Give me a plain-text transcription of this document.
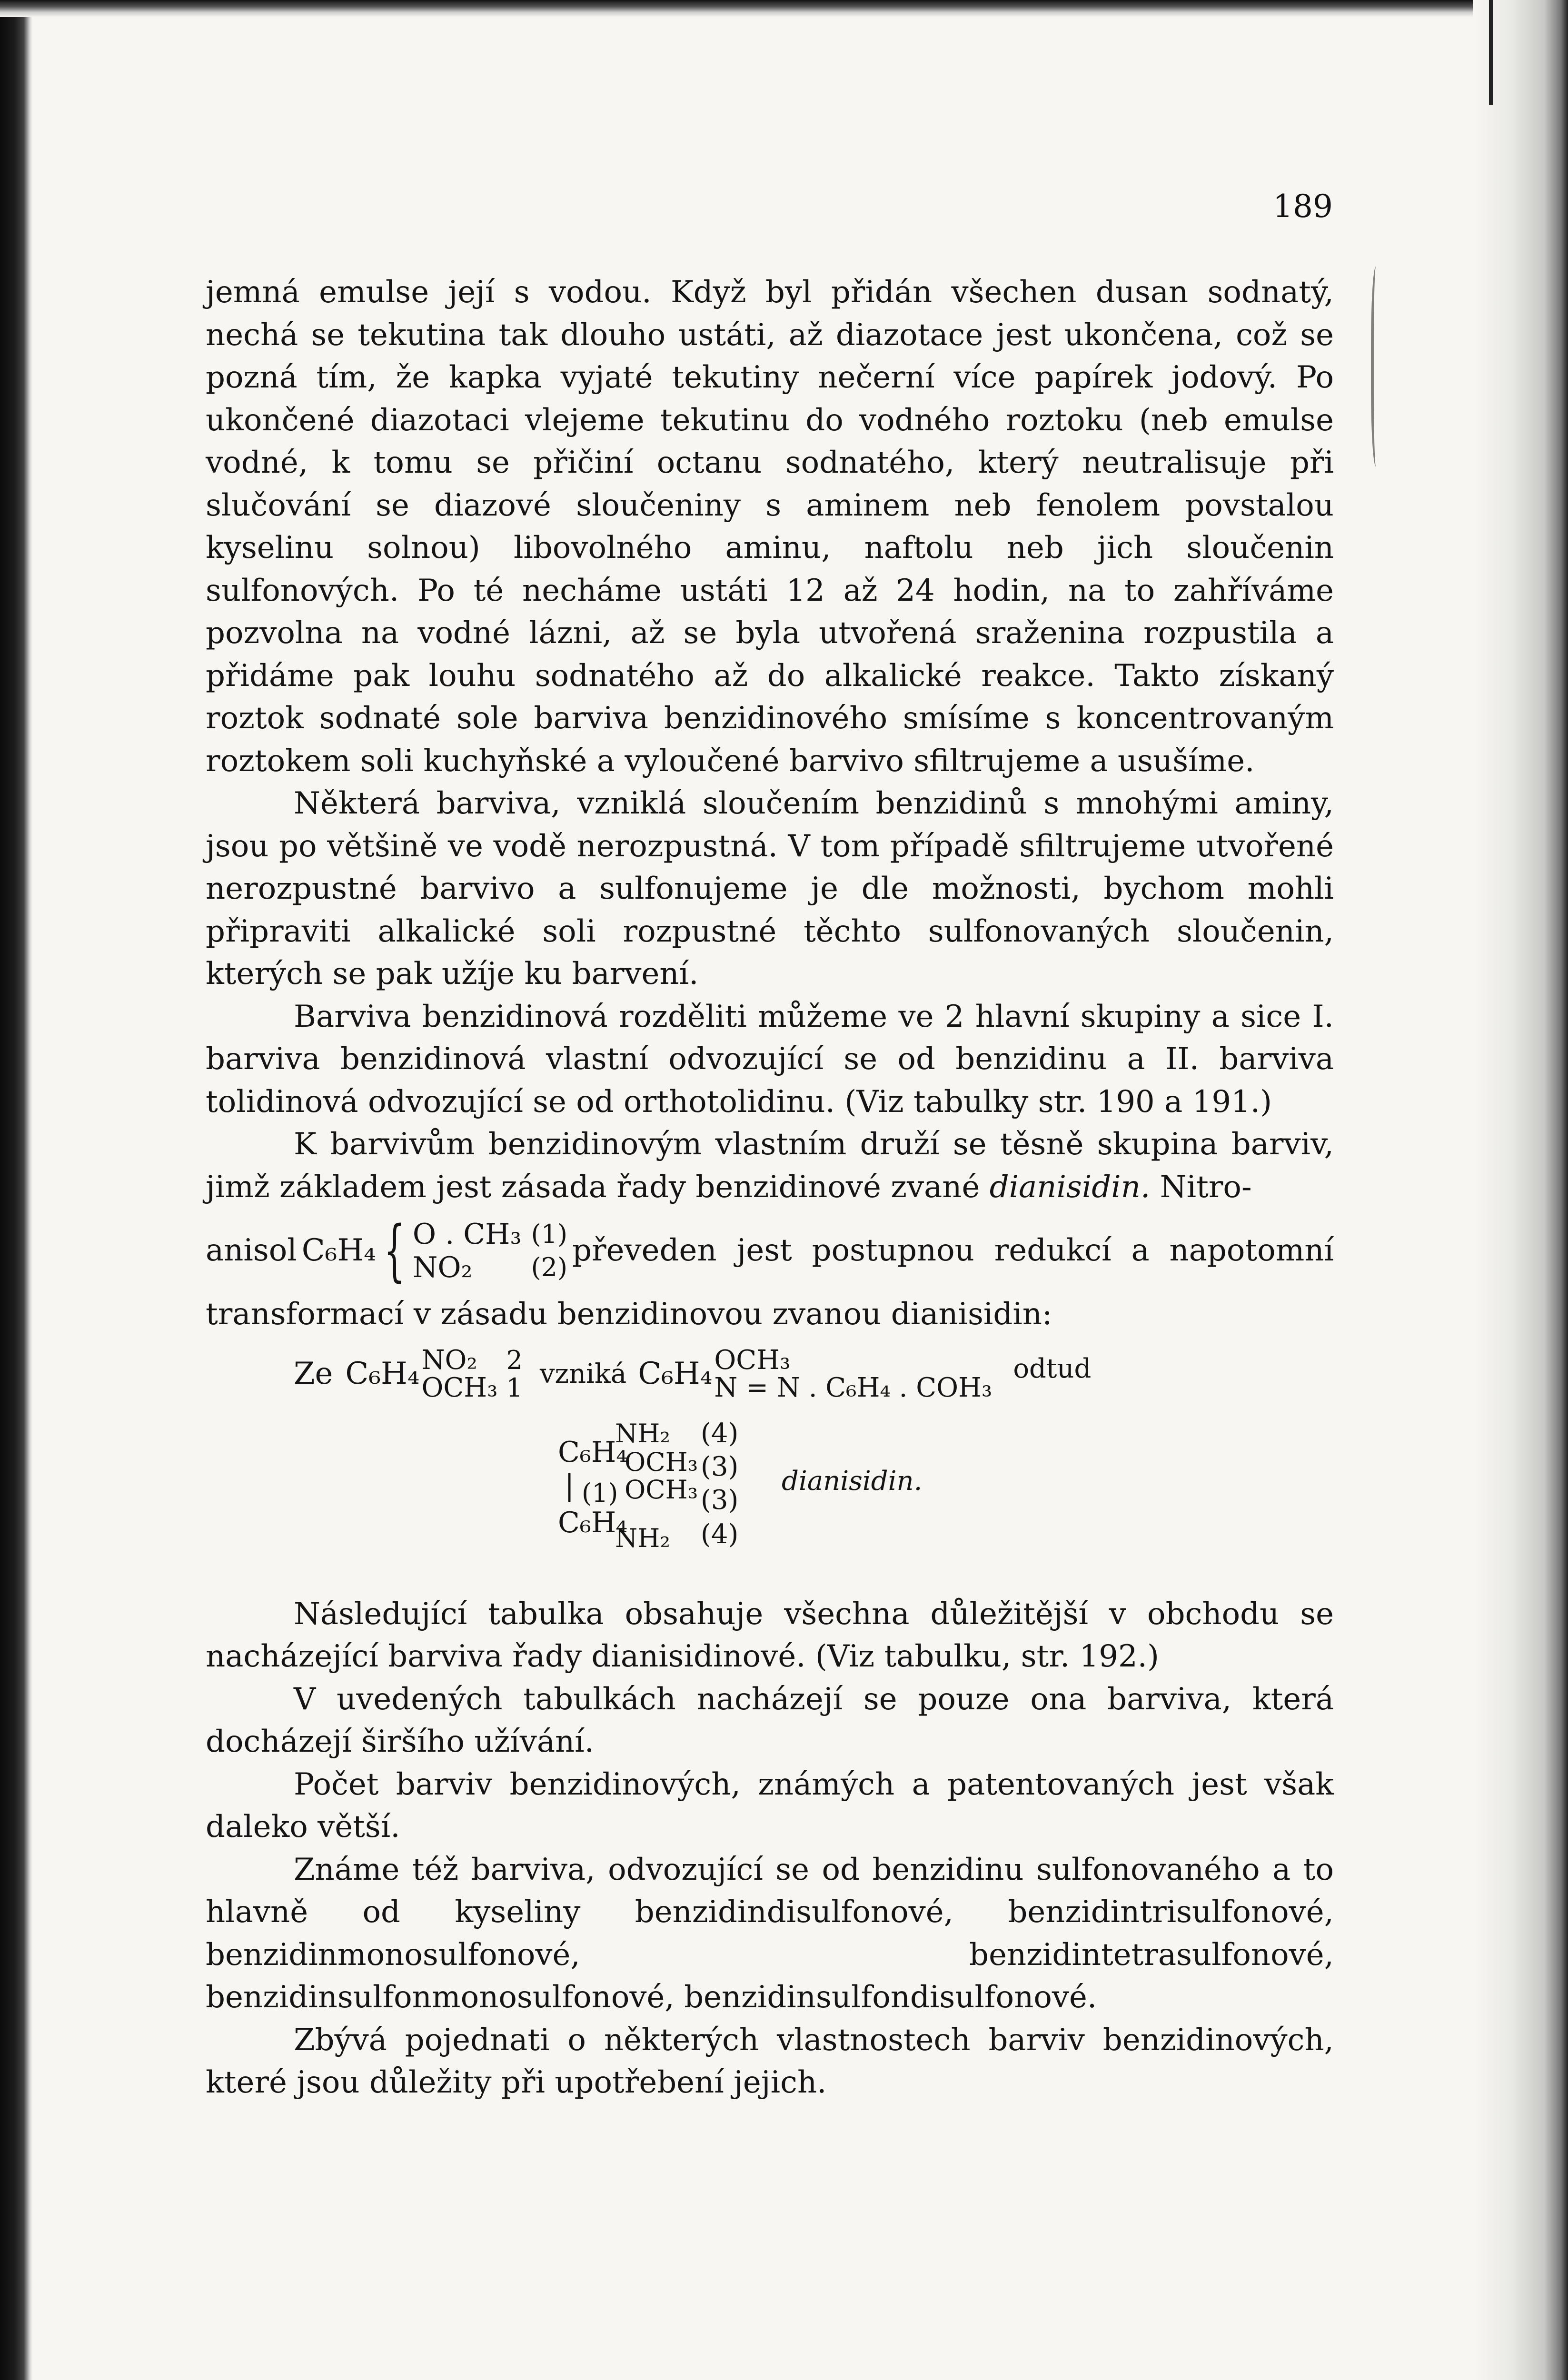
189

jemná emulse její s vodou. Když byl přidán všechen dusan sodnatý, nechá se tekutina tak dlouho ustáti, až diazotace jest ukončena, což se pozná tím, že kapka vyjaté tekutiny nečerní více papírek jodový. Po ukončené diazotaci vlejeme tekutinu do vodného roztoku (neb emulse vodné, k tomu se přičiní octanu sodnatého, který neutralisuje při slučování se diazové sloučeniny s aminem neb fenolem povstalou kyselinu solnou) libovolného aminu, naftolu neb jich sloučenin sulfonových. Po té necháme ustáti 12 až 24 hodin, na to zahříváme pozvolna na vodné lázni, až se byla utvořená sraženina rozpustila a přidáme pak louhu sodnatého až do alkalické reakce. Takto získaný roztok sodnaté sole barviva benzidinového smísíme s koncentrovaným roztokem soli kuchyňské a vyloučené barvivo sfiltrujeme a usušíme.

Některá barviva, vzniklá sloučením benzidinů s mnohými aminy, jsou po většině ve vodě nerozpustná. V tom případě sfiltrujeme utvořené nerozpustné barvivo a sulfonujeme je dle možnosti, bychom mohli připraviti alkalické soli rozpustné těchto sulfonovaných sloučenin, kterých se pak užíje ku barvení.

Barviva benzidinová rozděliti můžeme ve 2 hlavní skupiny a sice I. barviva benzidinová vlastní odvozující se od benzidinu a II. barviva tolidinová odvozující se od orthotolidinu. (Viz tabulky str. 190 a 191.)

K barvivům benzidinovým vlastním druží se těsně skupina barviv, jimž základem jest zásada řady benzidinové zvané dianisidin. Nitro-

anisol C₆H₄ { O . CH₃
NO₂
(1)
(2) převeden jest postupnou redukcí a napotomní

transformací v zásadu benzidinovou zvanou dianisidin:

Ze C₆H₄ NO₂
OCH₃
2
1 vzniká C₆H₄ OCH₃
N = N . C₆H₄ . COH₃
odtud
C₆H₄
NH₂ (4)
OCH₃ (3)
| (1) OCH₃ (3)
dianisidin.
C₆H₄
NH₂ (4)

Následující tabulka obsahuje všechna důležitější v obchodu se nacházející barviva řady dianisidinové. (Viz tabulku, str. 192.)

V uvedených tabulkách nacházejí se pouze ona barviva, která docházejí širšího užívání.

Počet barviv benzidinových, známých a patentovaných jest však daleko větší.

Známe též barviva, odvozující se od benzidinu sulfonovaného a to hlavně od kyseliny benzidindisulfonové, benzidintrisulfonové, benzidinmonosulfonové, benzidintetrasulfonové, benzidinsulfonmonosulfonové, benzidinsulfondisulfonové.

Zbývá pojednati o některých vlastnostech barviv benzidinových, které jsou důležity při upotřebení jejich.
